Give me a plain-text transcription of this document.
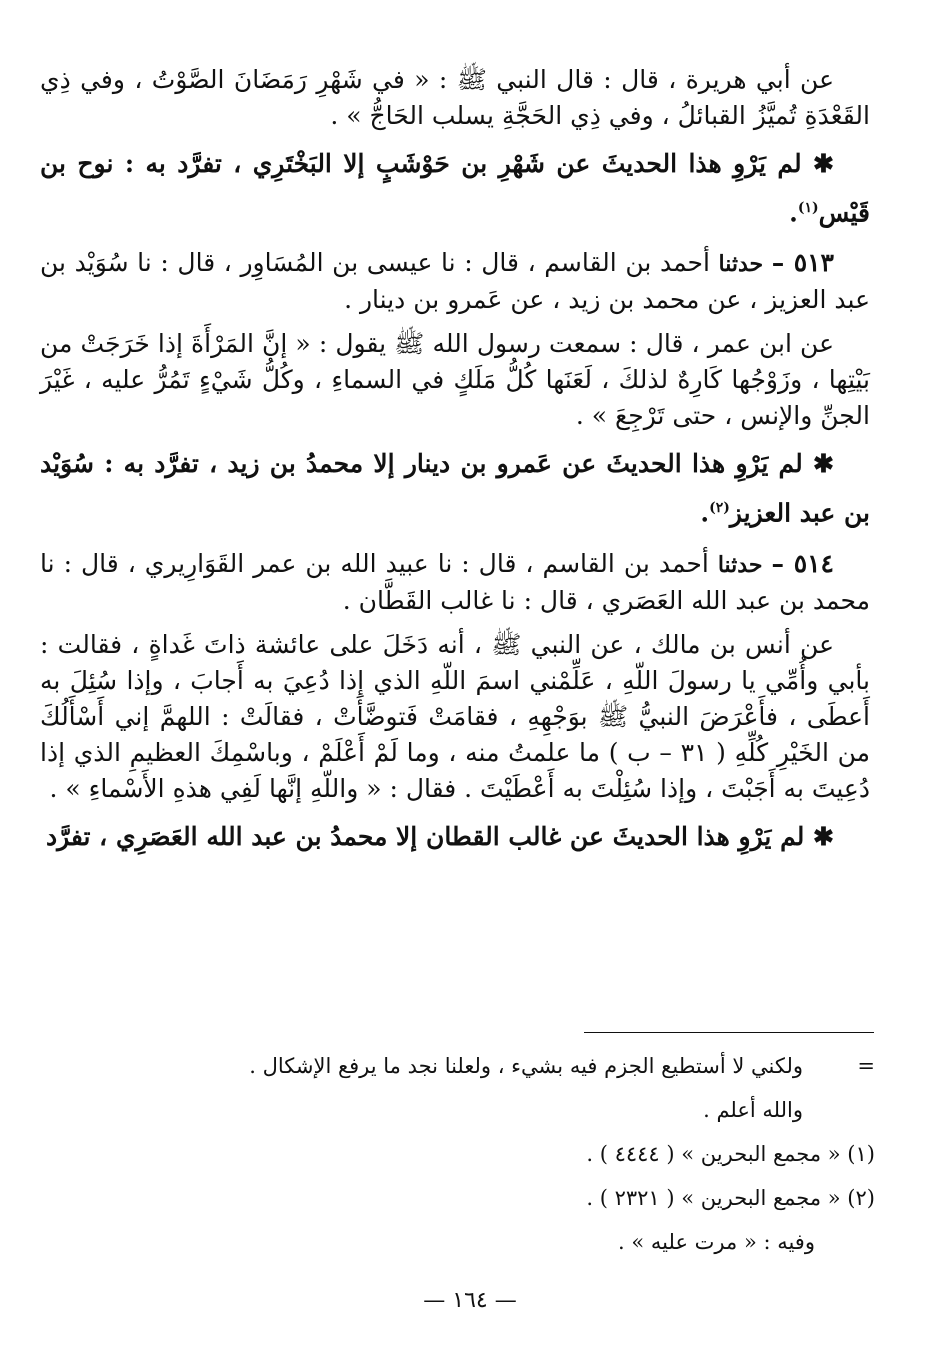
عن أبي هريرة ، قال : قال النبي ﷺ : « في شَهْرِ رَمَضَانَ الصَّوْتُ ، وفي ذِي القَعْدَةِ تُميَّزُ القبائلُ ، وفي ذِي الحَجَّةِ يسلب الحَاجُّ » .

✱ لم يَرْوِ هذا الحديثَ عن شَهْرِ بن حَوْشَبٍ إلا البَخْتَرِي ، تفرَّد به : نوح بن قَيْس$^{(١)}$.

٥١٣ – حدثنا أحمد بن القاسم ، قال : نا عيسى بن المُسَاوِر ، قال : نا سُوَيْد بن عبد العزيز ، عن محمد بن زيد ، عن عَمرو بن دينار .

عن ابن عمر ، قال : سمعت رسول الله ﷺ يقول : « إنَّ المَرْأَةَ إذا خَرَجَتْ من بَيْتِها ، وزَوْجُها كَارِهٌ لذلكَ ، لَعَنَها كُلُّ مَلَكٍ في السماءِ ، وكُلُّ شَيْءٍ تَمُرُّ عليه ، غَيْرَ الجنِّ والإنس ، حتى تَرْجِعَ » .

✱ لم يَرْوِ هذا الحديثَ عن عَمرو بن دينار إلا محمدُ بن زيد ، تفرَّد به : سُوَيْد بن عبد العزيز$^{(٢)}$.

٥١٤ – حدثنا أحمد بن القاسم ، قال : نا عبيد الله بن عمر القَوَارِيري ، قال : نا محمد بن عبد الله العَصَري ، قال : نا غالب القَطَّان .

عن أنس بن مالك ، عن النبي ﷺ ، أنه دَخَلَ على عائشة ذاتَ غَداةٍ ، فقالت : بأبي وأُمِّي يا رسولَ اللّهِ ، عَلِّمْني اسمَ اللّهِ الذي إذا دُعِيَ به أَجابَ ، وإذا سُئِلَ به أَعطَى ، فأَعْرَضَ النبيُّ ﷺ بوَجْهِهِ ، فقامَتْ فَتوضَّأَتْ ، فقالَتْ : اللهمَّ إني أَسْأَلُكَ من الخَيْرِ كُلِّهِ ( ٣١ – ب ) ما علمتُ منه ، وما لَمْ أَعْلَمْ ، وباسْمِكَ العظيمِ الذي إذا دُعِيتَ به أَجَبْتَ ، وإذا سُئِلْتَ به أَعْطَيْتَ . فقال : « واللّهِ إنَّها لَفِي هذهِ الأَسْماءِ » .

✱ لم يَرْوِ هذا الحديثَ عن غالب القطان إلا محمدُ بن عبد الله العَصَرِي ، تفرَّد

=ولكني لا أستطيع الجزم فيه بشيء ، ولعلنا نجد ما يرفع الإشكال .
والله أعلم .
(١) « مجمع البحرين » ( ٤٤٤٤ ) .
(٢) « مجمع البحرين » ( ٢٣٢١ ) .
وفيه : « مرت عليه » .
— ١٦٤ —
